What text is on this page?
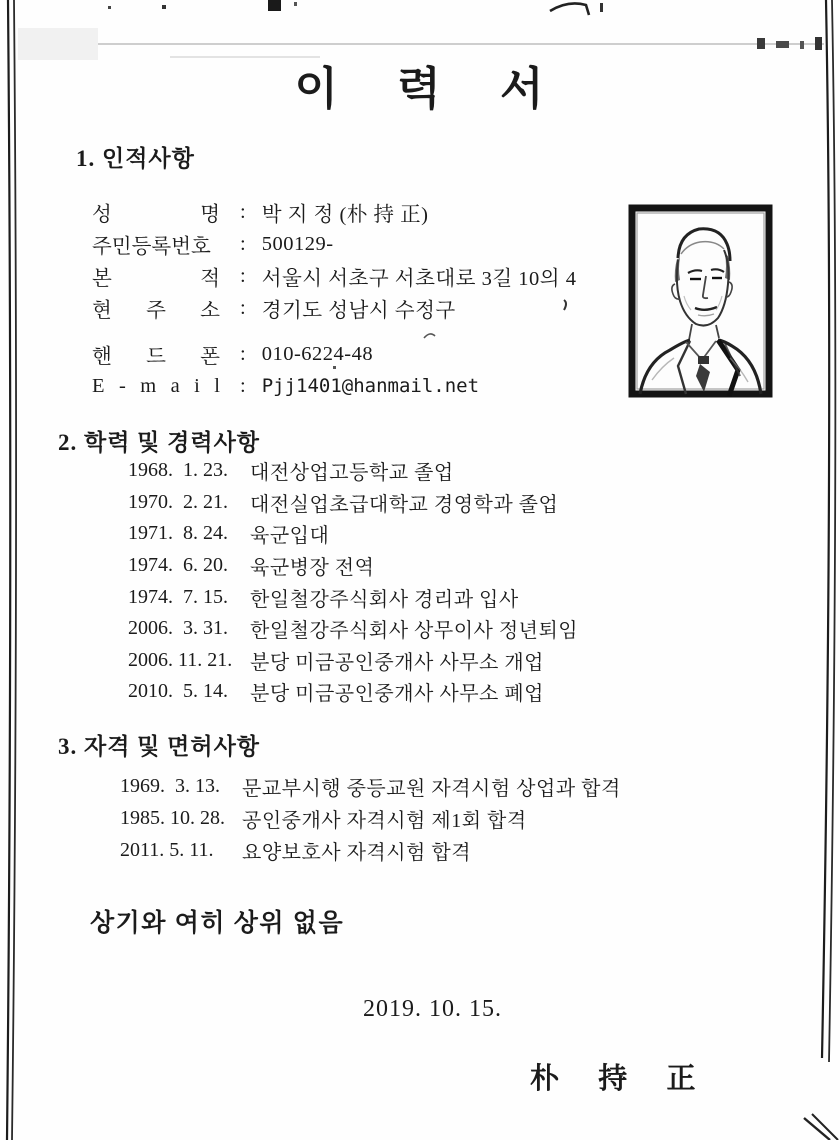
이 력 서
1. 인적사항
성 명 : 박 지 정 (朴 持 正)
주민등록번호	: 500129-
본 적 : 서울시 서초구 서초대로 3길 10의 4
현 주 소 : 경기도 성남시 수정구
핸 드 폰 : 010-6224-48
E - m a i l : Pjj1401@hanmail.net
2. 학력 및 경력사항
1968.  1. 23.	대전상업고등학교 졸업
1970.  2. 21.	대전실업초급대학교 경영학과 졸업
1971.  8. 24.	육군입대
1974.  6. 20.	육군병장 전역
1974.  7. 15.	한일철강주식회사 경리과 입사
2006.  3. 31.	한일철강주식회사 상무이사 정년퇴임
2006. 11. 21. 분당 미금공인중개사 사무소 개업
2010.  5. 14.	분당 미금공인중개사 사무소 폐업
3. 자격 및 면허사항
1969.  3. 13.	문교부시행 중등교원 자격시험 상업과 합격
1985. 10. 28. 공인중개사 자격시험 제1회 합격
2011. 5. 11.	요양보호사 자격시험 합격
상기와 여히 상위 없음
2019. 10. 15.
朴 持 正
